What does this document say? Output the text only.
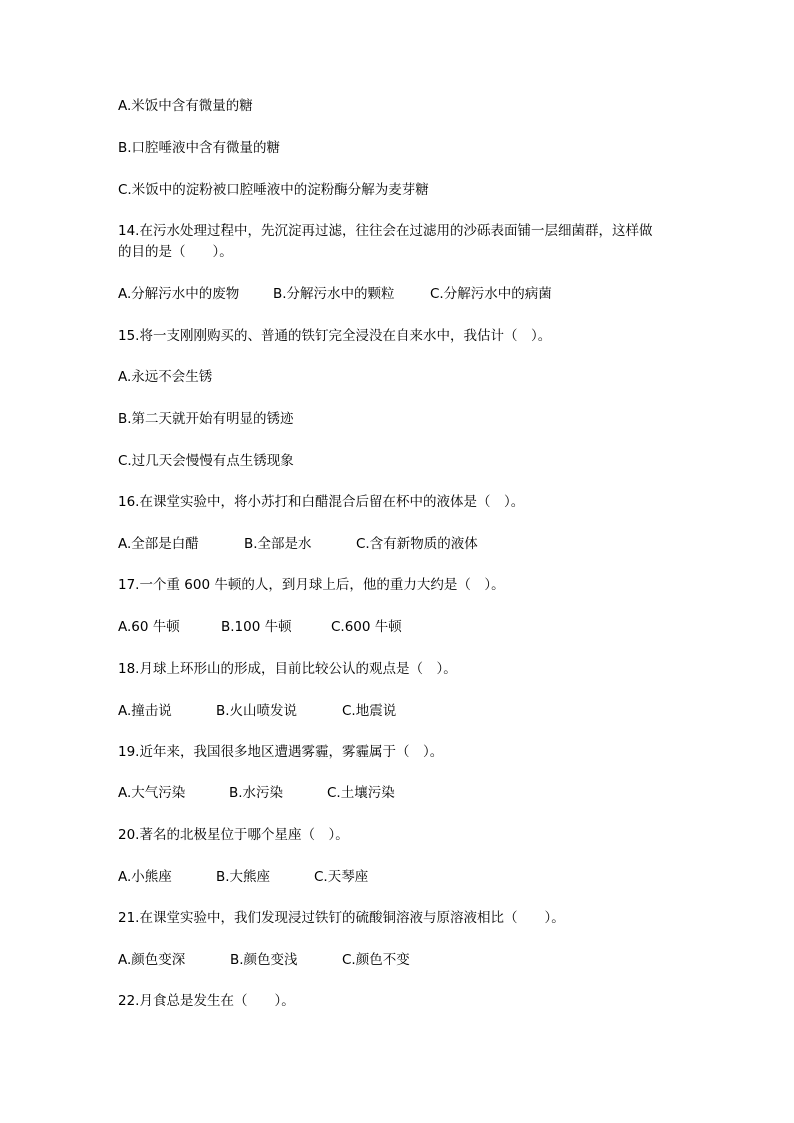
A.米饭中含有微量的糖
B.口腔唾液中含有微量的糖
C.米饭中的淀粉被口腔唾液中的淀粉酶分解为麦芽糖
14.在污水处理过程中，先沉淀再过滤，往往会在过滤用的沙砾表面铺一层细菌群，这样做
的目的是（　　）。
A.分解污水中的废物	B.分解污水中的颗粒	C.分解污水中的病菌
15.将一支刚刚购买的、普通的铁钉完全浸没在自来水中，我估计（　）。
A.永远不会生锈
B.第二天就开始有明显的锈迹
C.过几天会慢慢有点生锈现象
16.在课堂实验中，将小苏打和白醋混合后留在杯中的液体是（　）。
A.全部是白醋	B.全部是水	C.含有新物质的液体
17.一个重 600 牛顿的人，到月球上后，他的重力大约是（　）。
A.60 牛顿	B.100 牛顿	C.600 牛顿
18.月球上环形山的形成，目前比较公认的观点是（　）。
A.撞击说	B.火山喷发说	C.地震说
19.近年来，我国很多地区遭遇雾霾，雾霾属于（　）。
A.大气污染	B.水污染	C.土壤污染
20.著名的北极星位于哪个星座（　）。
A.小熊座	B.大熊座	C.天琴座
21.在课堂实验中，我们发现浸过铁钉的硫酸铜溶液与原溶液相比（　　）。
A.颜色变深	B.颜色变浅	C.颜色不变
22.月食总是发生在（　　）。
